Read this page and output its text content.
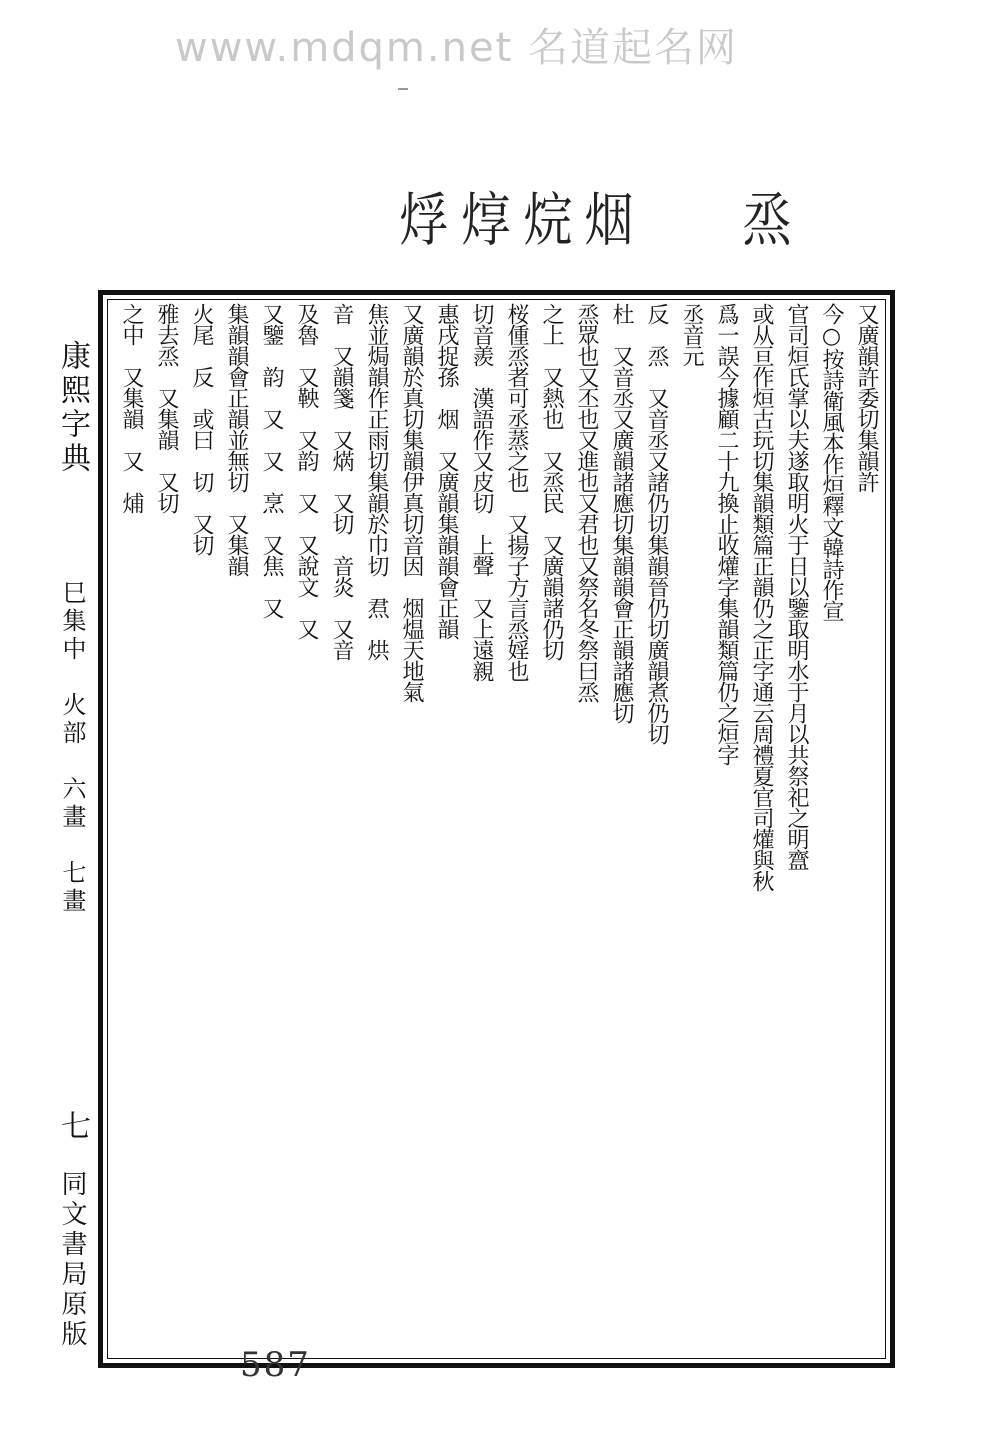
www.mdqm.net 名道起名网
烰 焞 烷 烟 烝
康熙字典
巳集中　火部　六畫　七畫
七
同文書局原版
又廣韻許委切集韻許
今○按詩衛風本作烜釋文韓詩作宣
官司烜氏掌以夫遂取明火于日以鑒取明水于月以共祭祀之明齍
或从亘作烜古玩切集韻類篇正韻仍之正字通云周禮夏官司爟與秋
爲一誤今據顧二十九換止收爟字集韻類篇仍之烜字
丞音元
反　烝　又音丞又諸仍切集韻晉仍切廣韻煮仍切
杜　又音丞又廣韻諸應切集韻韻會正韻諸應切
烝眾也又丕也又進也又君也又祭名冬祭曰烝
之上　又熱也　又烝民　又廣韻諸仍切
桜偅烝者可丞蒸之也　又揚子方言烝婬也
切音羨　漢語作又皮切　上聲　又上遠親
惠戌捉孫　烟　又廣韻集韻韻會正韻
又廣韻於真切集韻伊真切音因　烟煴天地氣
焦並焗韻作正雨切集韻於巾切　焄　烘
音　又韻箋　又焫　又切　音炎　又音
及魯　又鞅　又韵　又　又說文　又
又鑒　韵　又　又　烹　又焦　又
集韻韻會正韻並無切　又集韻
火尾　反　或曰　切　又切
雅去烝　又集韻　又切
之中　又集韻　又　烳
587
